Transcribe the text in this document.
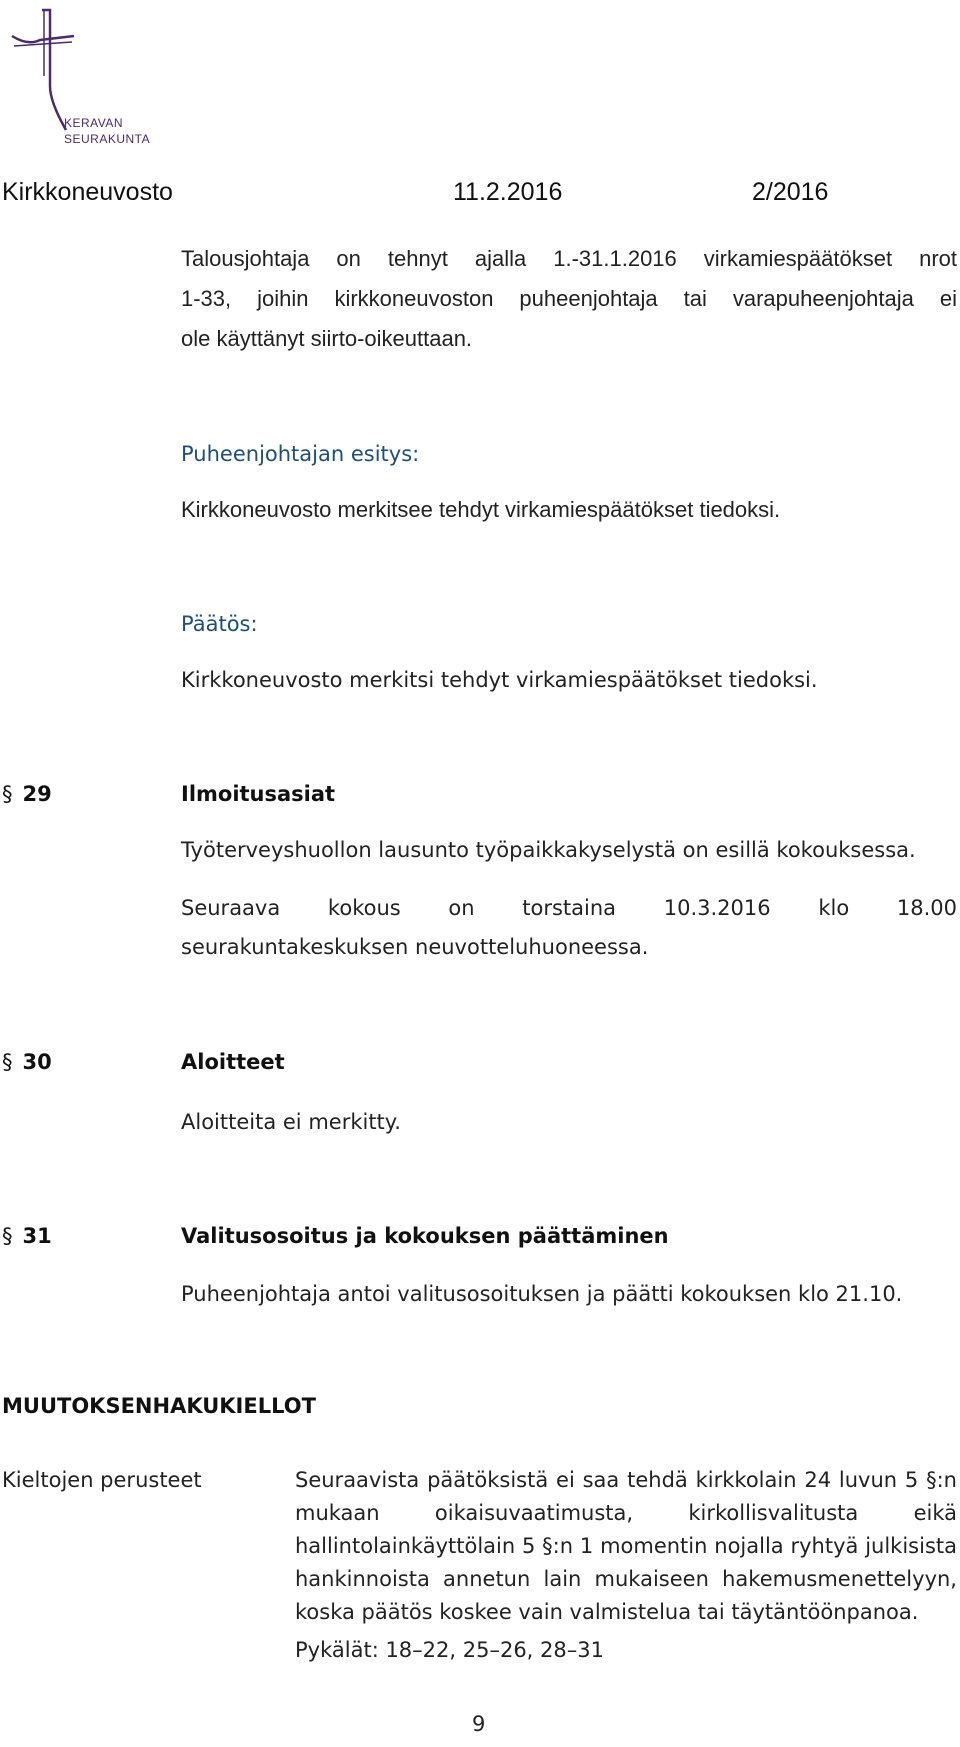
KERAVAN
SEURAKUNTA
Kirkkoneuvosto	11.2.2016	2/2016
Talousjohtaja on tehnyt ajalla 1.-31.1.2016 virkamiespäätökset nrot
1-33, joihin kirkkoneuvoston puheenjohtaja tai varapuheenjohtaja ei
ole käyttänyt siirto-oikeuttaan.
Puheenjohtajan esitys:
Kirkkoneuvosto merkitsee tehdyt virkamiespäätökset tiedoksi.
Päätös:
Kirkkoneuvosto merkitsi tehdyt virkamiespäätökset tiedoksi.
§ 29	Ilmoitusasiat
Työterveyshuollon lausunto työpaikkakyselystä on esillä kokouksessa.
Seuraava kokous on torstaina 10.3.2016 klo 18.00
seurakuntakeskuksen neuvotteluhuoneessa.
§ 30	Aloitteet
Aloitteita ei merkitty.
§ 31	Valitusosoitus ja kokouksen päättäminen
Puheenjohtaja antoi valitusosoituksen ja päätti kokouksen klo 21.10.
MUUTOKSENHAKUKIELLOT
Kieltojen perusteet	Seuraavista päätöksistä ei saa tehdä kirkkolain 24 luvun 5 §:n
mukaan oikaisuvaatimusta, kirkollisvalitusta eikä
hallintolainkäyttölain 5 §:n 1 momentin nojalla ryhtyä julkisista
hankinnoista annetun lain mukaiseen hakemusmenettelyyn,
koska päätös koskee vain valmistelua tai täytäntöönpanoa.
Pykälät: 18–22, 25–26, 28–31
9
